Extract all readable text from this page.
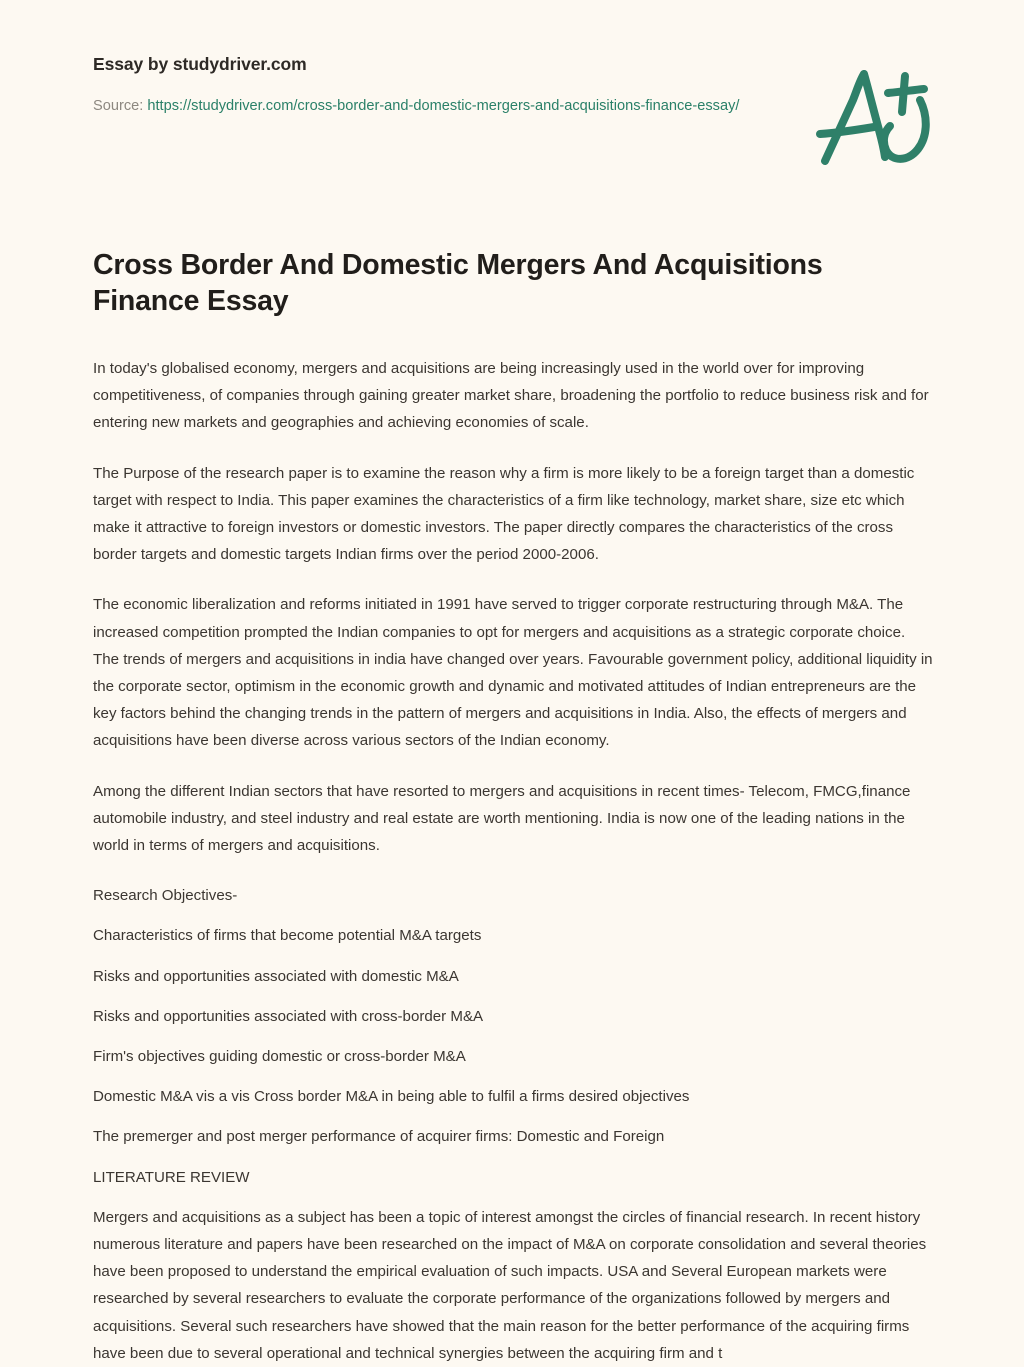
Essay by studydriver.com
Source: https://studydriver.com/cross-border-and-domestic-mergers-and-acquisitions-finance-essay/
Cross Border And Domestic Mergers And Acquisitions Finance Essay

In today's globalised economy, mergers and acquisitions are being increasingly used in the world over for improving competitiveness, of companies through gaining greater market share, broadening the portfolio to reduce business risk and for entering new markets and geographies and achieving economies of scale.

The Purpose of the research paper is to examine the reason why a firm is more likely to be a foreign target than a domestic target with respect to India. This paper examines the characteristics of a firm like technology, market share, size etc which make it attractive to foreign investors or domestic investors. The paper directly compares the characteristics of the cross border targets and domestic targets Indian firms over the period 2000-2006.

The economic liberalization and reforms initiated in 1991 have served to trigger corporate restructuring through M&A. The increased competition prompted the Indian companies to opt for mergers and acquisitions as a strategic corporate choice. The trends of mergers and acquisitions in india have changed over years. Favourable government policy, additional liquidity in the corporate sector, optimism in the economic growth and dynamic and motivated attitudes of Indian entrepreneurs are the key factors behind the changing trends in the pattern of mergers and acquisitions in India. Also, the effects of mergers and acquisitions have been diverse across various sectors of the Indian economy.

Among the different Indian sectors that have resorted to mergers and acquisitions in recent times- Telecom, FMCG,finance automobile industry, and steel industry and real estate are worth mentioning. India is now one of the leading nations in the world in terms of mergers and acquisitions.

Research Objectives-

Characteristics of firms that become potential M&A targets

Risks and opportunities associated with domestic M&A

Risks and opportunities associated with cross-border M&A

Firm's objectives guiding domestic or cross-border M&A

Domestic M&A vis a vis Cross border M&A in being able to fulfil a firms desired objectives

The premerger and post merger performance of acquirer firms: Domestic and Foreign

LITERATURE REVIEW

Mergers and acquisitions as a subject has been a topic of interest amongst the circles of financial research. In recent history numerous literature and papers have been researched on the impact of M&A on corporate consolidation and several theories have been proposed to understand the empirical evaluation of such impacts. USA and Several European markets were researched by several researchers to evaluate the corporate performance of the organizations followed by mergers and acquisitions. Several such researchers have showed that the main reason for the better performance of the acquiring firms have been due to several operational and technical synergies between the acquiring firm and t
